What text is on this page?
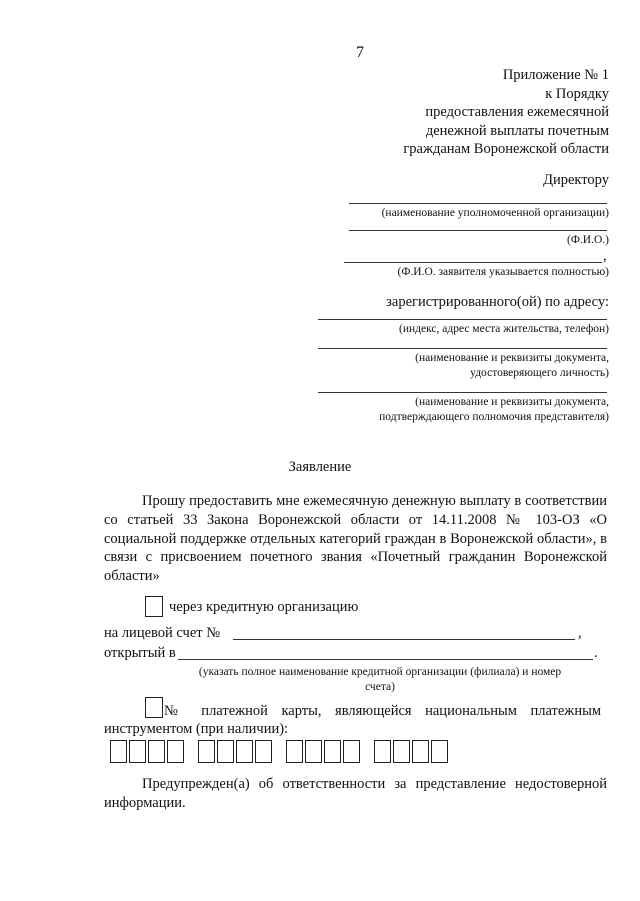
7
Приложение № 1
к Порядку
предоставления ежемесячной
денежной выплаты почетным
гражданам Воронежской области
Директору
(наименование уполномоченной организации)
(Ф.И.О.)
,
(Ф.И.О. заявителя указывается полностью)
зарегистрированного(ой) по адресу:
(индекс, адрес места жительства, телефон)
(наименование и реквизиты документа,
удостоверяющего личность)
(наименование и реквизиты документа,
подтверждающего полномочия представителя)
Заявление
Прошу предоставить мне ежемесячную денежную выплату в соответствии со статьей 33 Закона Воронежской области от 14.11.2008 № 103-ОЗ «О социальной поддержке отдельных категорий граждан в Воронежской области», в связи с присвоением почетного звания «Почетный гражданин Воронежской области»
через кредитную организацию
на лицевой счет №	,
открытый в	.
(указать полное наименование кредитной организации (филиала) и номер
счета)
№ платежной карты, являющейся национальным платежным
инструментом (при наличии):
Предупрежден(а) об ответственности за представление недостоверной информации.
